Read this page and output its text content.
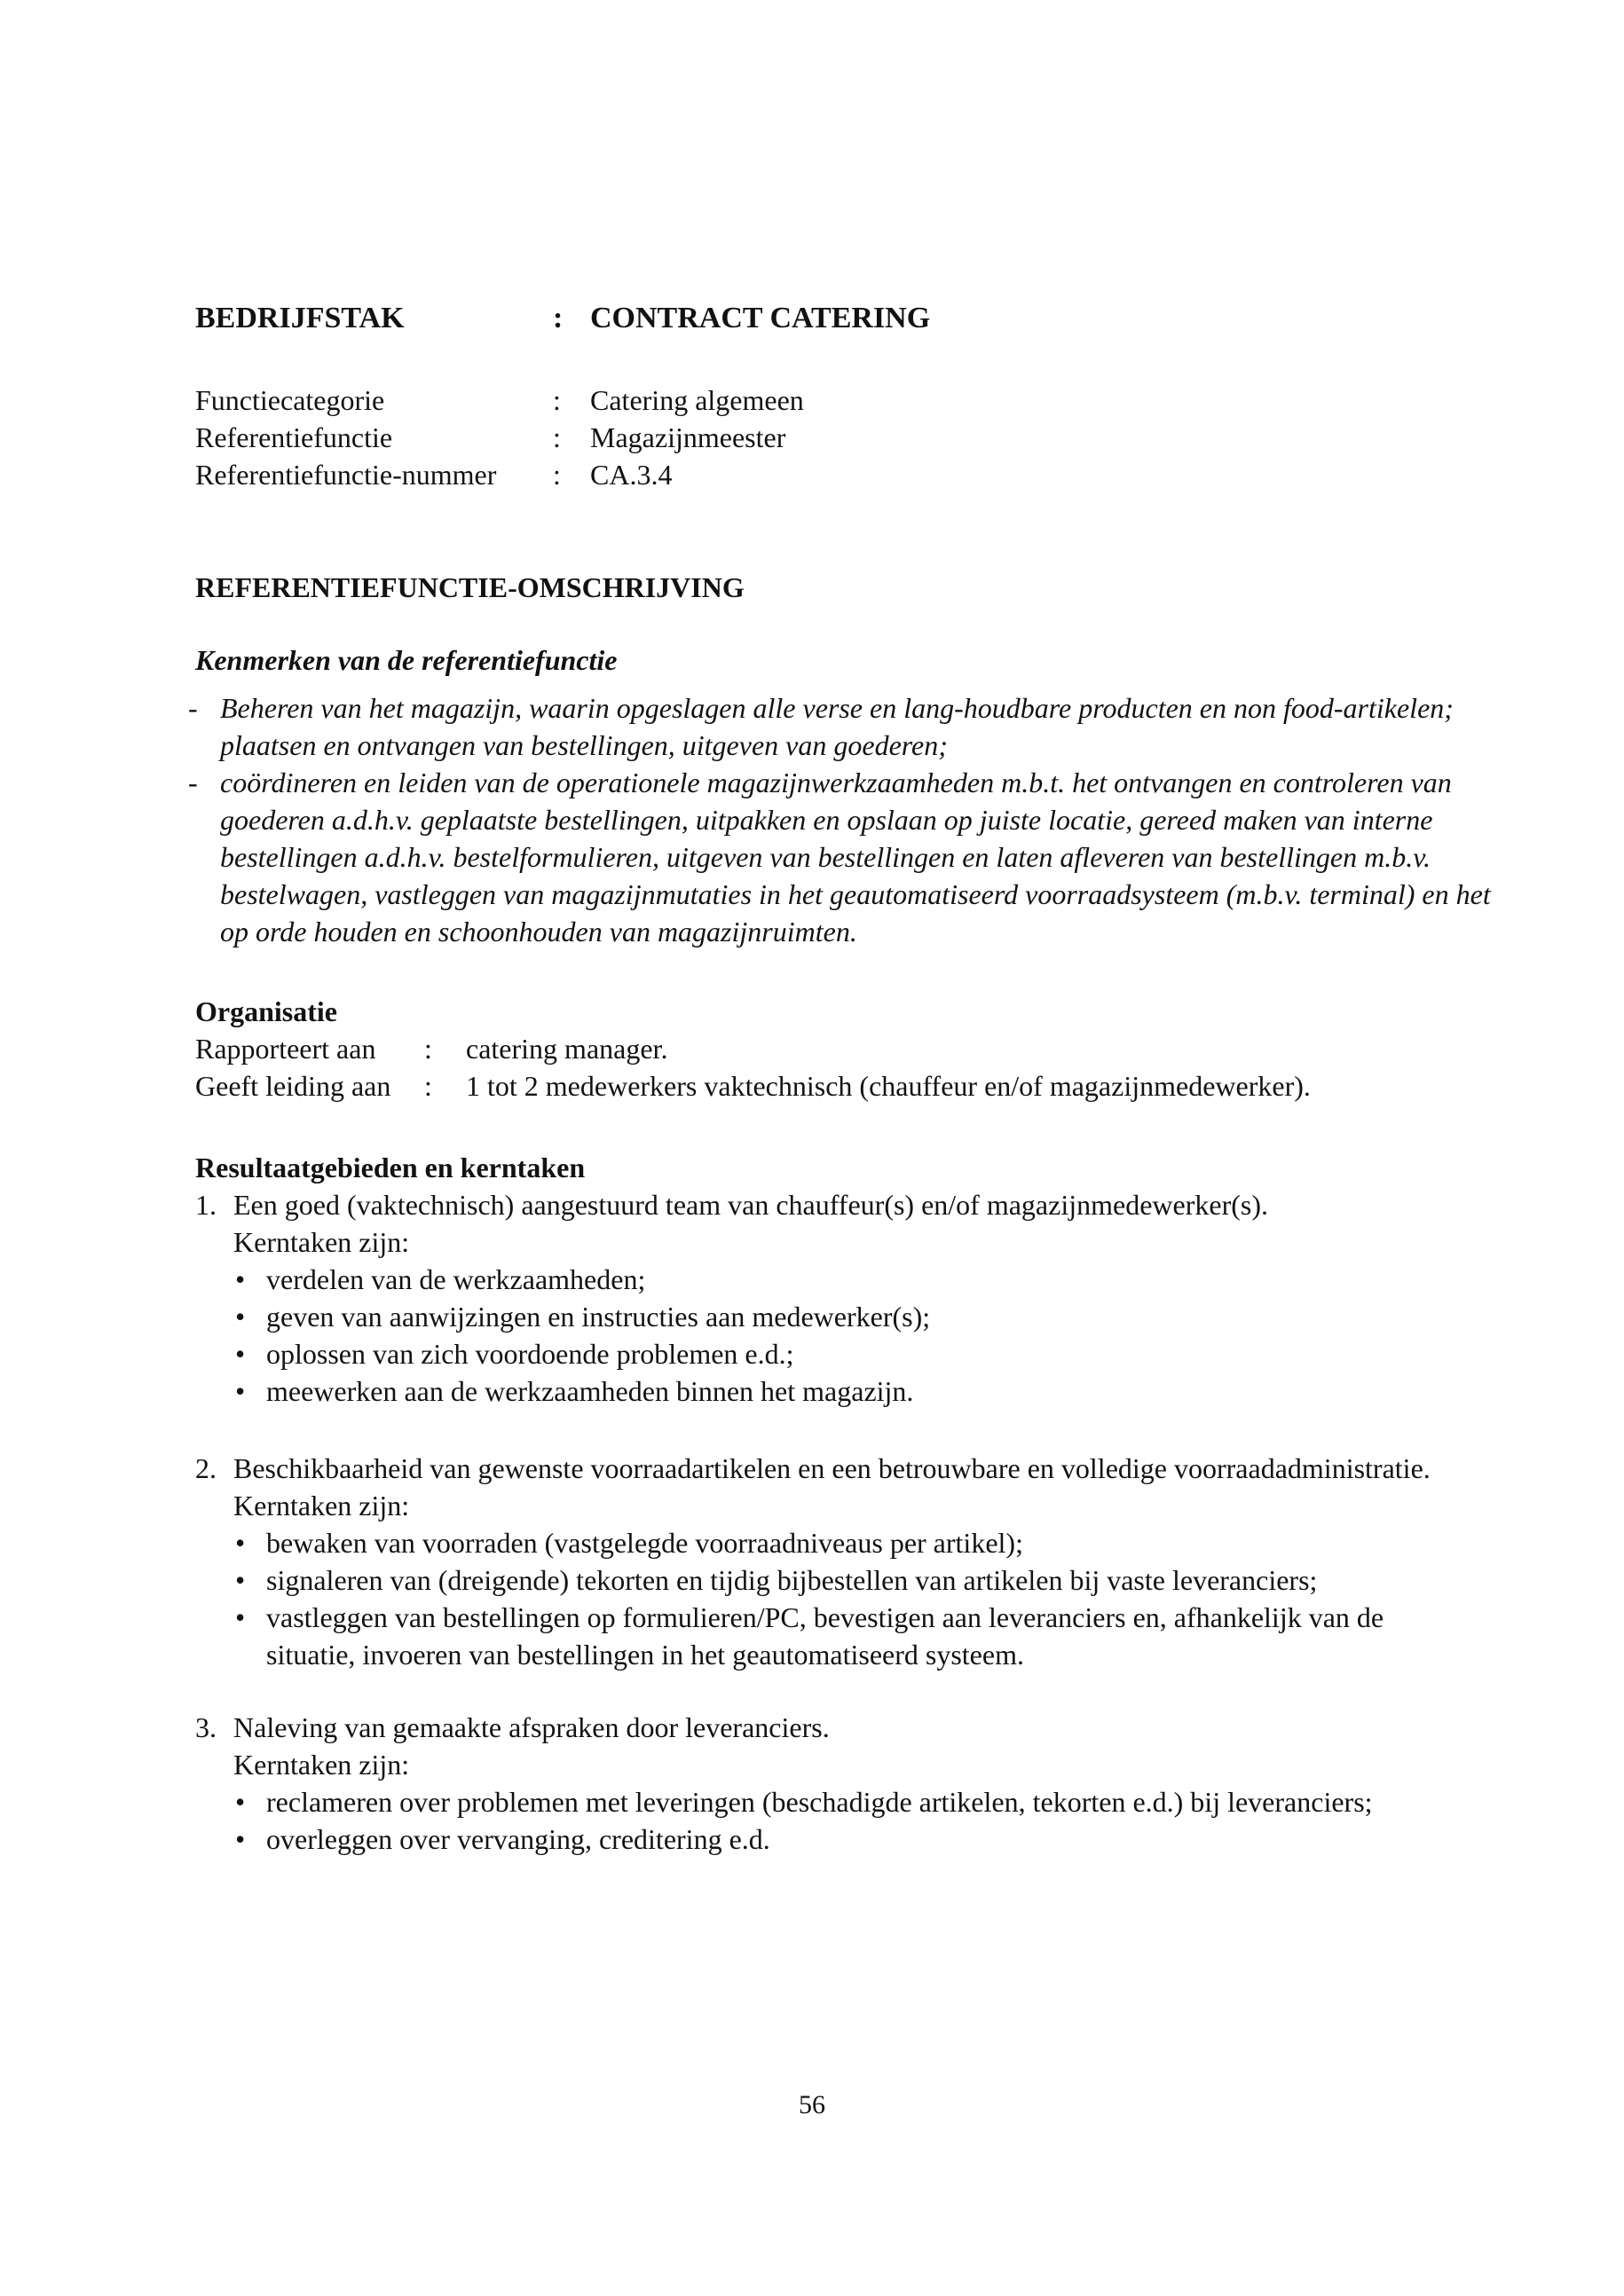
BEDRIJFSTAK	: CONTRACT CATERING
Functiecategorie	:	Catering algemeen
Referentiefunctie	:	Magazijnmeester
Referentiefunctie-nummer	:	CA.3.4
REFERENTIEFUNCTIE-OMSCHRIJVING
Kenmerken van de referentiefunctie
- Beheren van het magazijn, waarin opgeslagen alle verse en lang-houdbare producten en non food-artikelen; plaatsen en ontvangen van bestellingen, uitgeven van goederen;
- coördineren en leiden van de operationele magazijnwerkzaamheden m.b.t. het ontvangen en controleren van goederen a.d.h.v. geplaatste bestellingen, uitpakken en opslaan op juiste locatie, gereed maken van interne bestellingen a.d.h.v. bestelformulieren, uitgeven van bestellingen en laten afleveren van bestellingen m.b.v. bestelwagen, vastleggen van magazijnmutaties in het geautomatiseerd voorraadsysteem (m.b.v. terminal) en het op orde houden en schoonhouden van magazijnruimten.
Organisatie
Rapporteert aan	:	catering manager.
Geeft leiding aan	:	1 tot 2 medewerkers vaktechnisch (chauffeur en/of magazijnmedewerker).
Resultaatgebieden en kerntaken
1. Een goed (vaktechnisch) aangestuurd team van chauffeur(s) en/of magazijnmedewerker(s).

Kerntaken zijn:

• verdelen van de werkzaamheden;
• geven van aanwijzingen en instructies aan medewerker(s);
• oplossen van zich voordoende problemen e.d.;
• meewerken aan de werkzaamheden binnen het magazijn.
2. Beschikbaarheid van gewenste voorraadartikelen en een betrouwbare en volledige voorraadadministratie.

Kerntaken zijn:

• bewaken van voorraden (vastgelegde voorraadniveaus per artikel);
• signaleren van (dreigende) tekorten en tijdig bijbestellen van artikelen bij vaste leveranciers;
• vastleggen van bestellingen op formulieren/PC, bevestigen aan leveranciers en, afhankelijk van de situatie, invoeren van bestellingen in het geautomatiseerd systeem.
3. Naleving van gemaakte afspraken door leveranciers.

Kerntaken zijn:

• reclameren over problemen met leveringen (beschadigde artikelen, tekorten e.d.) bij leveranciers;
• overleggen over vervanging, creditering e.d.
56
